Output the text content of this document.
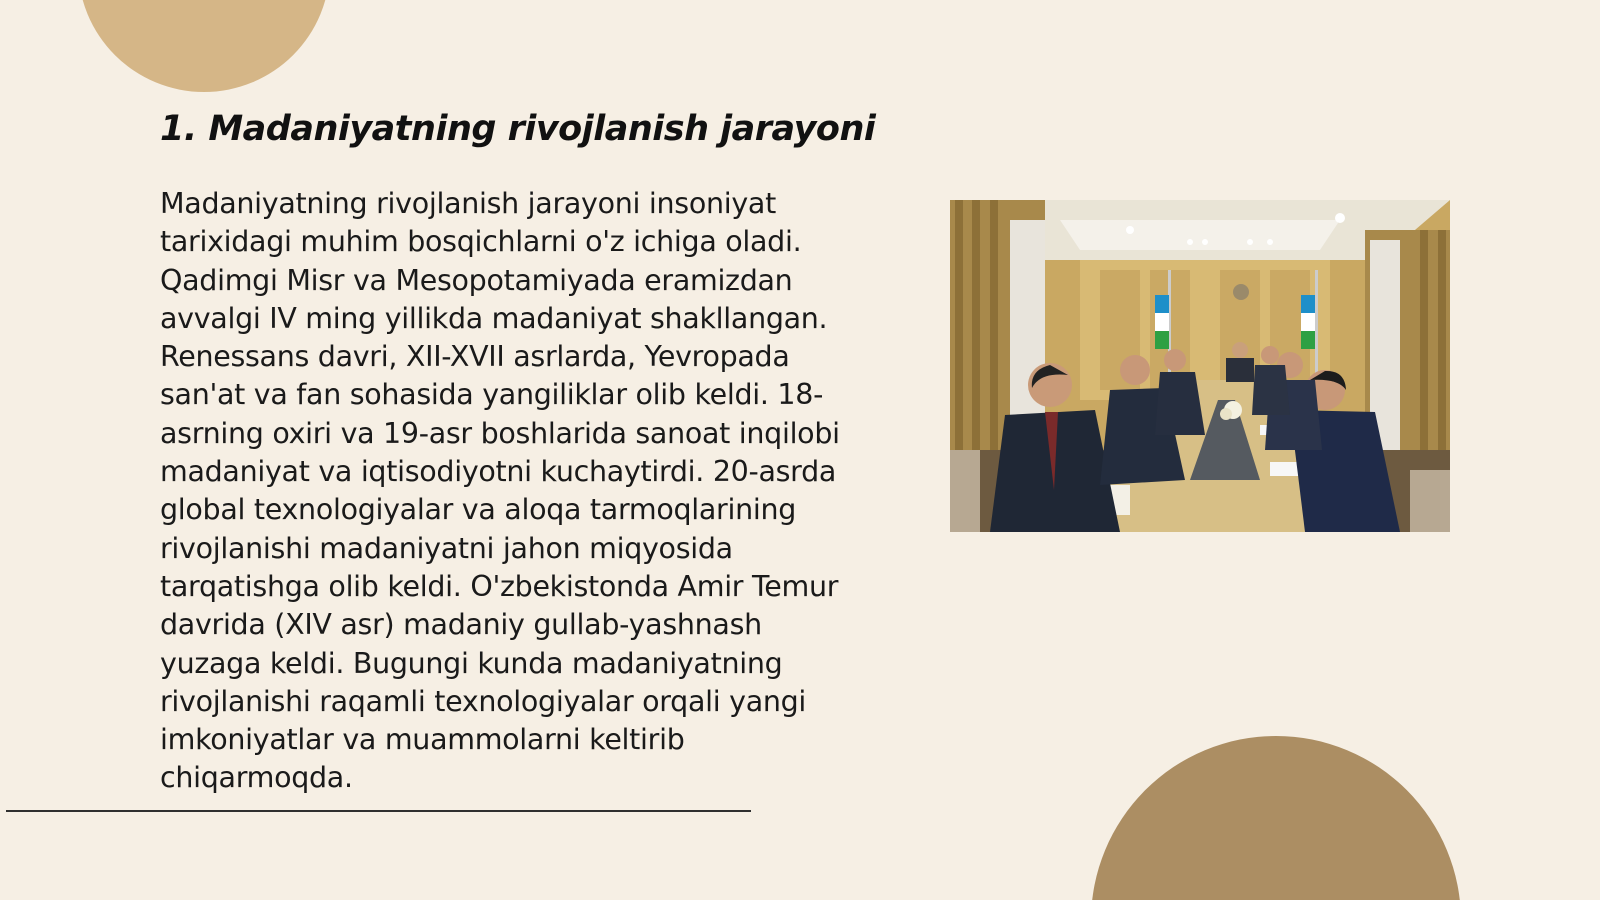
1. Madaniyatning rivojlanish jarayoni

Madaniyatning rivojlanish jarayoni insoniyat tarixidagi muhim bosqichlarni o'z ichiga oladi. Qadimgi Misr va Mesopotamiyada eramizdan avvalgi IV ming yillikda madaniyat shakllangan. Renessans davri, XII-XVII asrlarda, Yevropada san'at va fan sohasida yangiliklar olib keldi. 18-asrning oxiri va 19-asr boshlarida sanoat inqilobi madaniyat va iqtisodiyotni kuchaytirdi. 20-asrda global texnologiyalar va aloqa tarmoqlarining rivojlanishi madaniyatni jahon miqyosida tarqatishga olib keldi. O'zbekistonda Amir Temur davrida (XIV asr) madaniy gullab-yashnash yuzaga keldi. Bugungi kunda madaniyatning rivojlanishi raqamli texnologiyalar orqali yangi imkoniyatlar va muammolarni keltirib chiqarmoqda.
